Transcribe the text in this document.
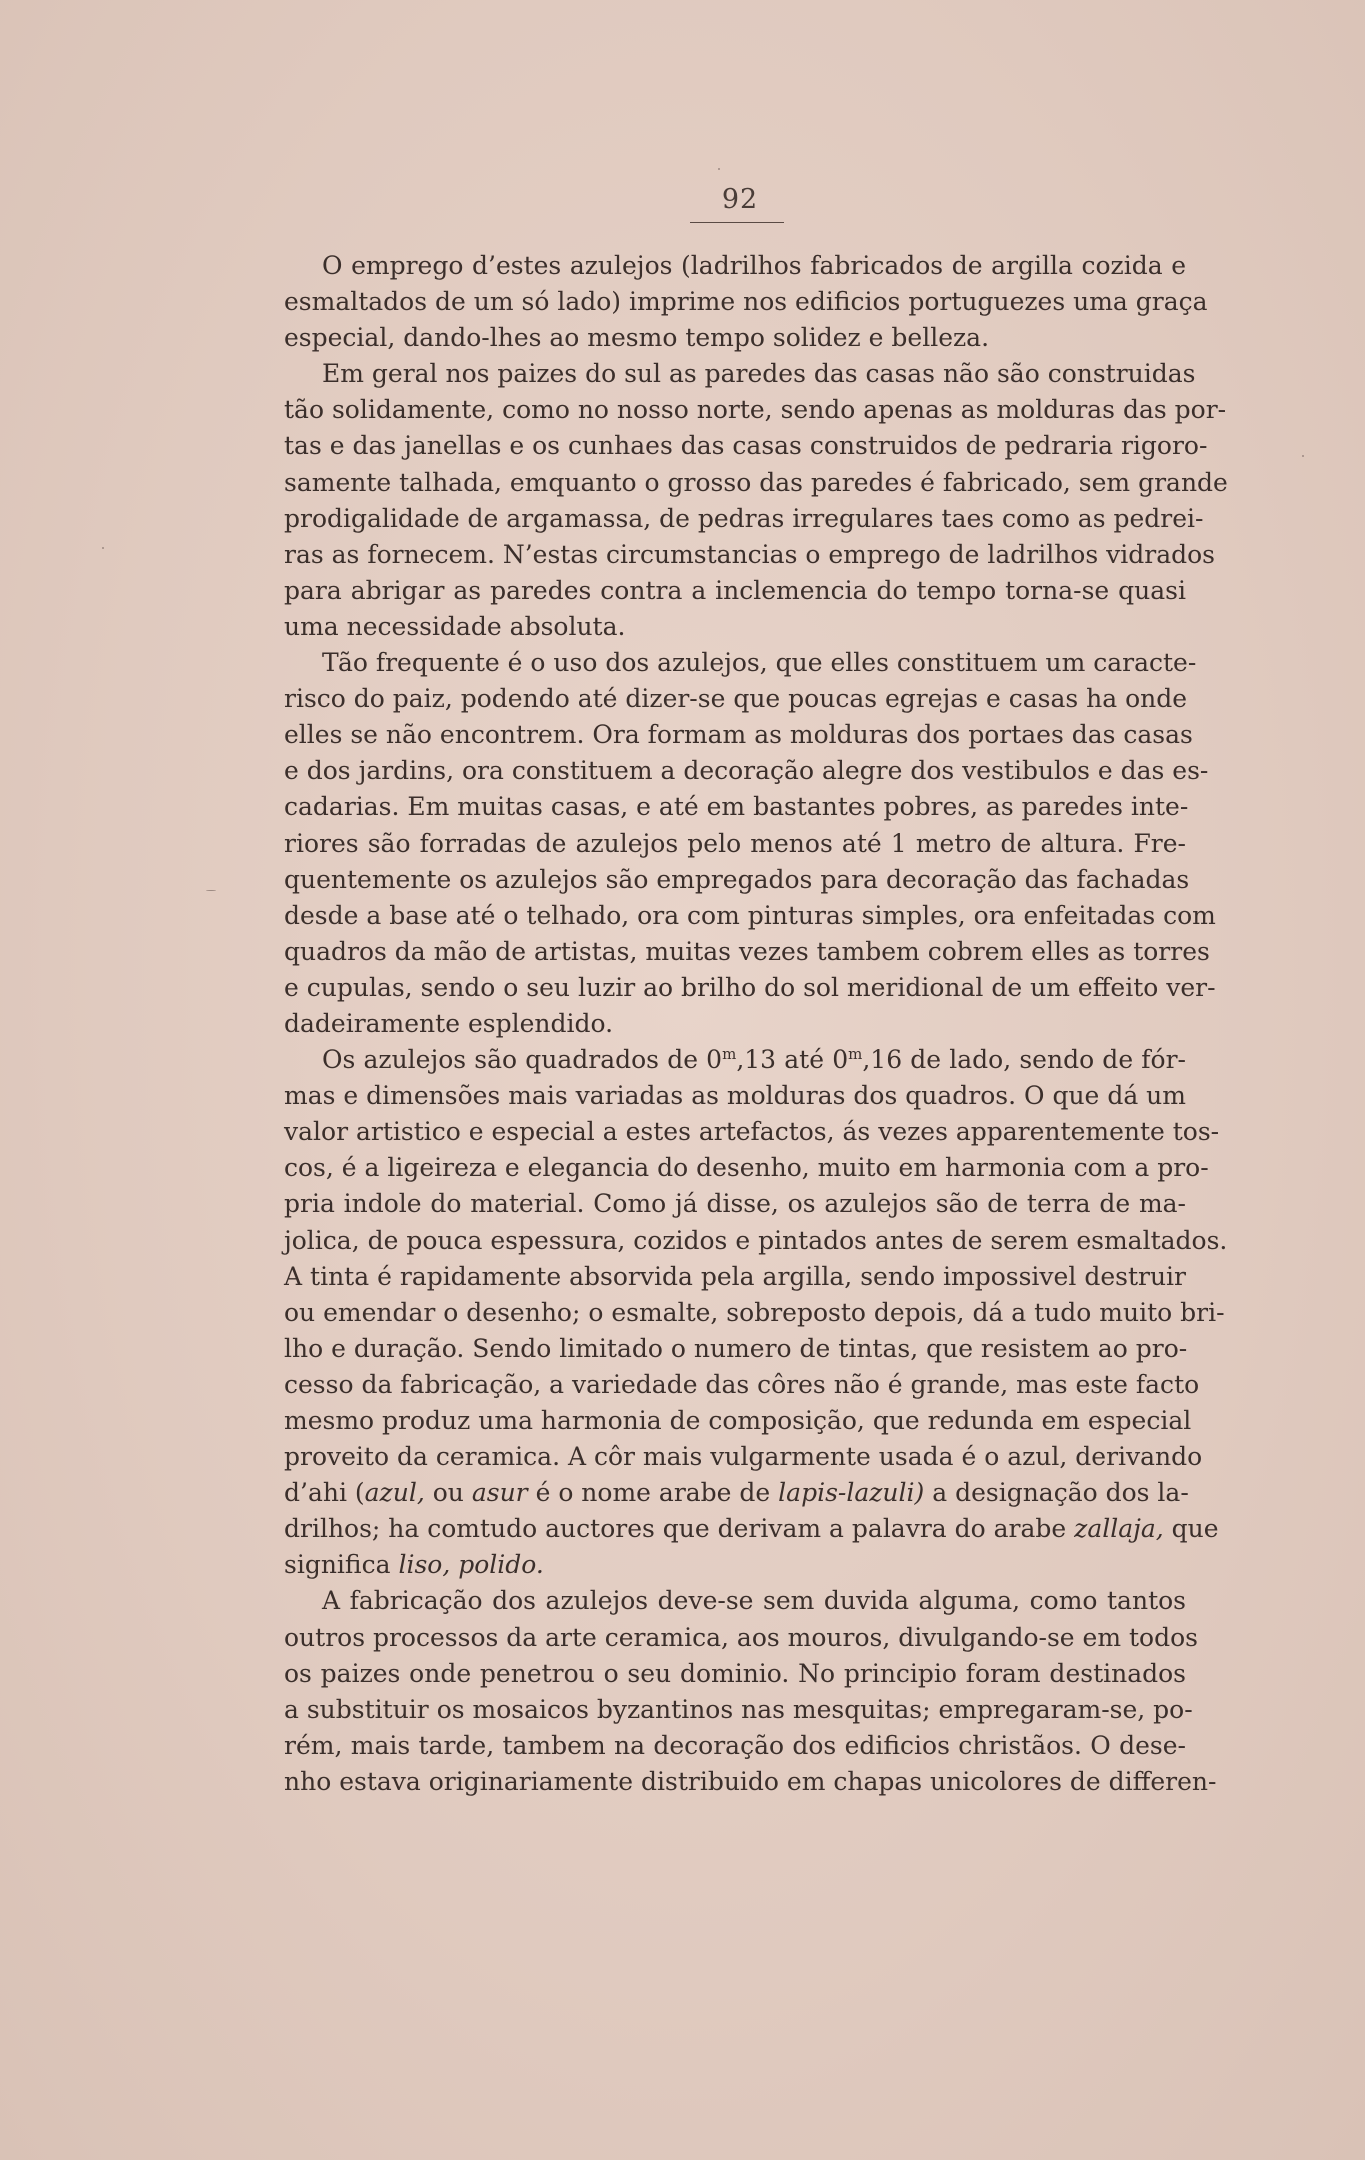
92
O emprego d’estes azulejos (ladrilhos fabricados de argilla cozida e
esmaltados de um só lado) imprime nos edificios portuguezes uma graça
especial, dando-lhes ao mesmo tempo solidez e belleza.
Em geral nos paizes do sul as paredes das casas não são construidas
tão solidamente, como no nosso norte, sendo apenas as molduras das por-
tas e das janellas e os cunhaes das casas construidos de pedraria rigoro-
samente talhada, emquanto o grosso das paredes é fabricado, sem grande
prodigalidade de argamassa, de pedras irregulares taes como as pedrei-
ras as fornecem. N’estas circumstancias o emprego de ladrilhos vidrados
para abrigar as paredes contra a inclemencia do tempo torna-se quasi
uma necessidade absoluta.
Tão frequente é o uso dos azulejos, que elles constituem um caracte-
risco do paiz, podendo até dizer-se que poucas egrejas e casas ha onde
elles se não encontrem. Ora formam as molduras dos portaes das casas
e dos jardins, ora constituem a decoração alegre dos vestibulos e das es-
cadarias. Em muitas casas, e até em bastantes pobres, as paredes inte-
riores são forradas de azulejos pelo menos até 1 metro de altura. Fre-
quentemente os azulejos são empregados para decoração das fachadas
desde a base até o telhado, ora com pinturas simples, ora enfeitadas com
quadros da mão de artistas, muitas vezes tambem cobrem elles as torres
e cupulas, sendo o seu luzir ao brilho do sol meridional de um effeito ver-
dadeiramente esplendido.
Os azulejos são quadrados de 0$^m$,13 até 0$^m$,16 de lado, sendo de fór-
mas e dimensões mais variadas as molduras dos quadros. O que dá um
valor artistico e especial a estes artefactos, ás vezes apparentemente tos-
cos, é a ligeireza e elegancia do desenho, muito em harmonia com a pro-
pria indole do material. Como já disse, os azulejos são de terra de ma-
jolica, de pouca espessura, cozidos e pintados antes de serem esmaltados.
A tinta é rapidamente absorvida pela argilla, sendo impossivel destruir
ou emendar o desenho; o esmalte, sobreposto depois, dá a tudo muito bri-
lho e duração. Sendo limitado o numero de tintas, que resistem ao pro-
cesso da fabricação, a variedade das côres não é grande, mas este facto
mesmo produz uma harmonia de composição, que redunda em especial
proveito da ceramica. A côr mais vulgarmente usada é o azul, derivando
d’ahi (azul, ou asur é o nome arabe de lapis-lazuli) a designação dos la-
drilhos; ha comtudo auctores que derivam a palavra do arabe zallaja, que
significa liso, polido.
A fabricação dos azulejos deve-se sem duvida alguma, como tantos
outros processos da arte ceramica, aos mouros, divulgando-se em todos
os paizes onde penetrou o seu dominio. No principio foram destinados
a substituir os mosaicos byzantinos nas mesquitas; empregaram-se, po-
rém, mais tarde, tambem na decoração dos edificios christãos. O dese-
nho estava originariamente distribuido em chapas unicolores de differen-
